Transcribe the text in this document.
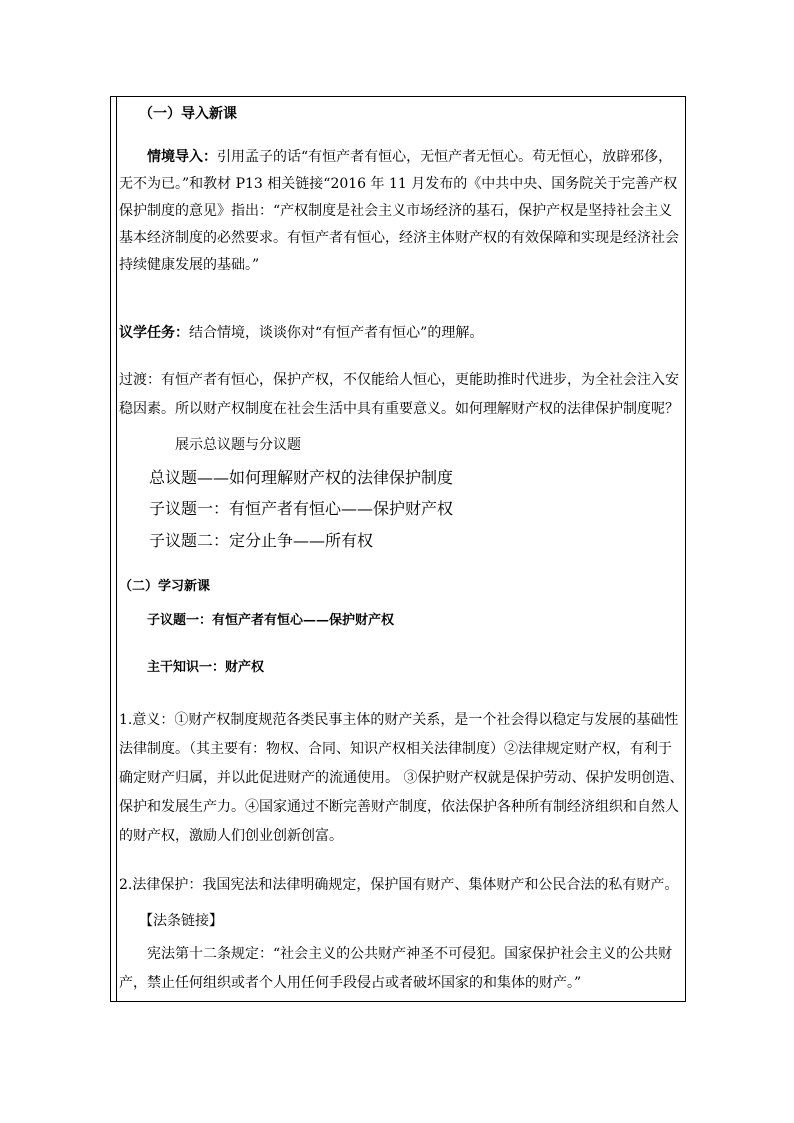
（一）导入新课
情境导入：引用孟子的话“有恒产者有恒心，无恒产者无恒心。苟无恒心，放辟邪侈，
无不为已。”和教材 P13 相关链接“2016 年 11 月发布的《中共中央、国务院关于完善产权
保护制度的意见》指出：“产权制度是社会主义市场经济的基石，保护产权是坚持社会主义
基本经济制度的必然要求。有恒产者有恒心，经济主体财产权的有效保障和实现是经济社会
持续健康发展的基础。”
议学任务：结合情境，谈谈你对“有恒产者有恒心”的理解。
过渡：有恒产者有恒心，保护产权，不仅能给人恒心，更能助推时代进步，为全社会注入安
稳因素。所以财产权制度在社会生活中具有重要意义。如何理解财产权的法律保护制度呢？
展示总议题与分议题
总议题——如何理解财产权的法律保护制度
子议题一：有恒产者有恒心——保护财产权
子议题二：定分止争——所有权
（二）学习新课
子议题一：有恒产者有恒心——保护财产权
主干知识一：财产权
1.意义：①财产权制度规范各类民事主体的财产关系，是一个社会得以稳定与发展的基础性
法律制度。（其主要有：物权、合同、知识产权相关法律制度）②法律规定财产权，有利于
确定财产归属，并以此促进财产的流通使用。 ③保护财产权就是保护劳动、保护发明创造、
保护和发展生产力。④国家通过不断完善财产制度，依法保护各种所有制经济组织和自然人
的财产权，激励人们创业创新创富。
2.法律保护：我国宪法和法律明确规定，保护国有财产、集体财产和公民合法的私有财产。
【法条链接】
宪法第十二条规定：“社会主义的公共财产神圣不可侵犯。国家保护社会主义的公共财
产，禁止任何组织或者个人用任何手段侵占或者破坏国家的和集体的财产。”
